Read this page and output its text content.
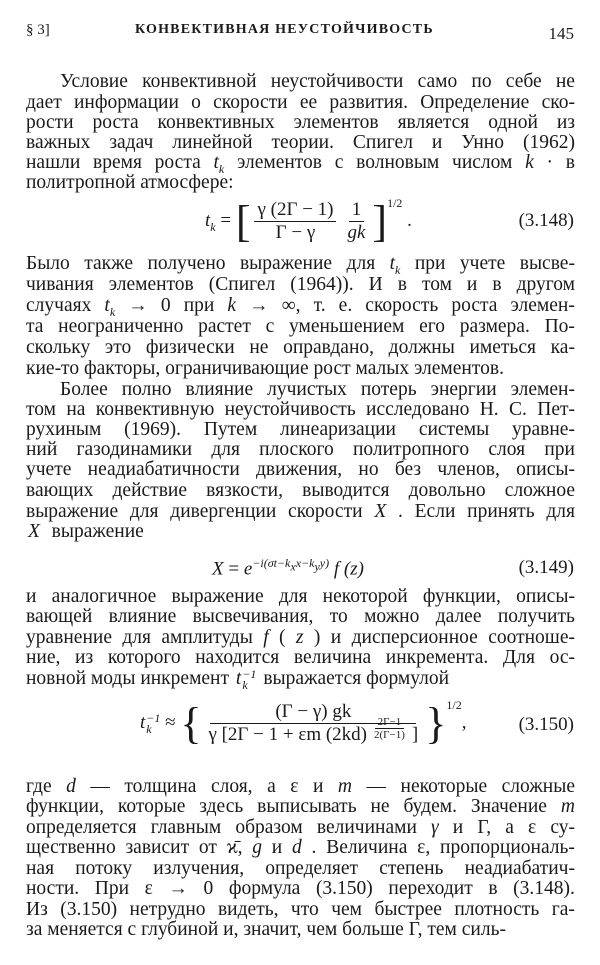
§ 3]	КОНВЕКТИВНАЯ НЕУСТОЙЧИВОСТЬ	145
Условие конвективной неустойчивости само по себе не
дает информации о скорости ее развития. Определение ско-
рости роста конвективных элементов является одной из
важных задач линейной теории. Спигел и Унно (1962)
нашли время роста $t_k$ элементов с волновым числом k · в
политропной атмосфере:
Было также получено выражение для $t_k$ при учете высве-
чивания элементов (Спигел (1964)). И в том и в другом
случаях $t_k \to 0$ при k → ∞, т. е. скорость роста элемен-
та неограниченно растет с уменьшением его размера. По-
скольку это физически не оправдано, должны иметься ка-
кие-то факторы, ограничивающие рост малых элементов.
Более полно влияние лучистых потерь энергии элемен-
том на конвективную неустойчивость исследовано Н. С. Пет-
рухиным (1969). Путем линеаризации системы уравне-
ний газодинамики для плоского политропного слоя при
учете неадиабатичности движения, но без членов, описы-
вающих действие вязкости, выводится довольно сложное
выражение для дивергенции скорости X . Если принять для
X выражение
и аналогичное выражение для некоторой функции, описы-
вающей влияние высвечивания, то можно далее получить
уравнение для амплитуды f ( z ) и дисперсионное соотноше-
ние, из которого находится величина инкремента. Для ос-
новной моды инкремент t −1
k выражается формулой
где d — толщина слоя, а ε и m — некоторые сложные
функции, которые здесь выписывать не будем. Значение m
определяется главным образом величинами γ и Γ, а ε су-
щественно зависит от ϰ̄, g и d . Величина ε, пропорциональ-
ная потоку излучения, определяет степень неадиабатич-
ности. При ε → 0 формула (3.150) переходит в (3.148).
Из (3.150) нетрудно видеть, что чем быстрее плотность га-
за меняется с глубиной и, значит, чем больше Γ, тем силь-
$t_k$ = [ $\frac{\gamma (2\Gamma - 1)}{\Gamma - \gamma} \frac{1}{gk} ]^{1/2}$ .	(3.148)
$X = e^{-i(\sigma t-k_xx-k_yy)}$ f (z)	(3.149)
t −1
k ≈ { $\frac{(\Gamma - \gamma) gk}{\gamma [2\Gamma - 1 + \varepsilon m (2kd) \frac{2\Gamma-1}{2(\Gamma-1)} ]} \}^{1/2}$,	(3.150)
